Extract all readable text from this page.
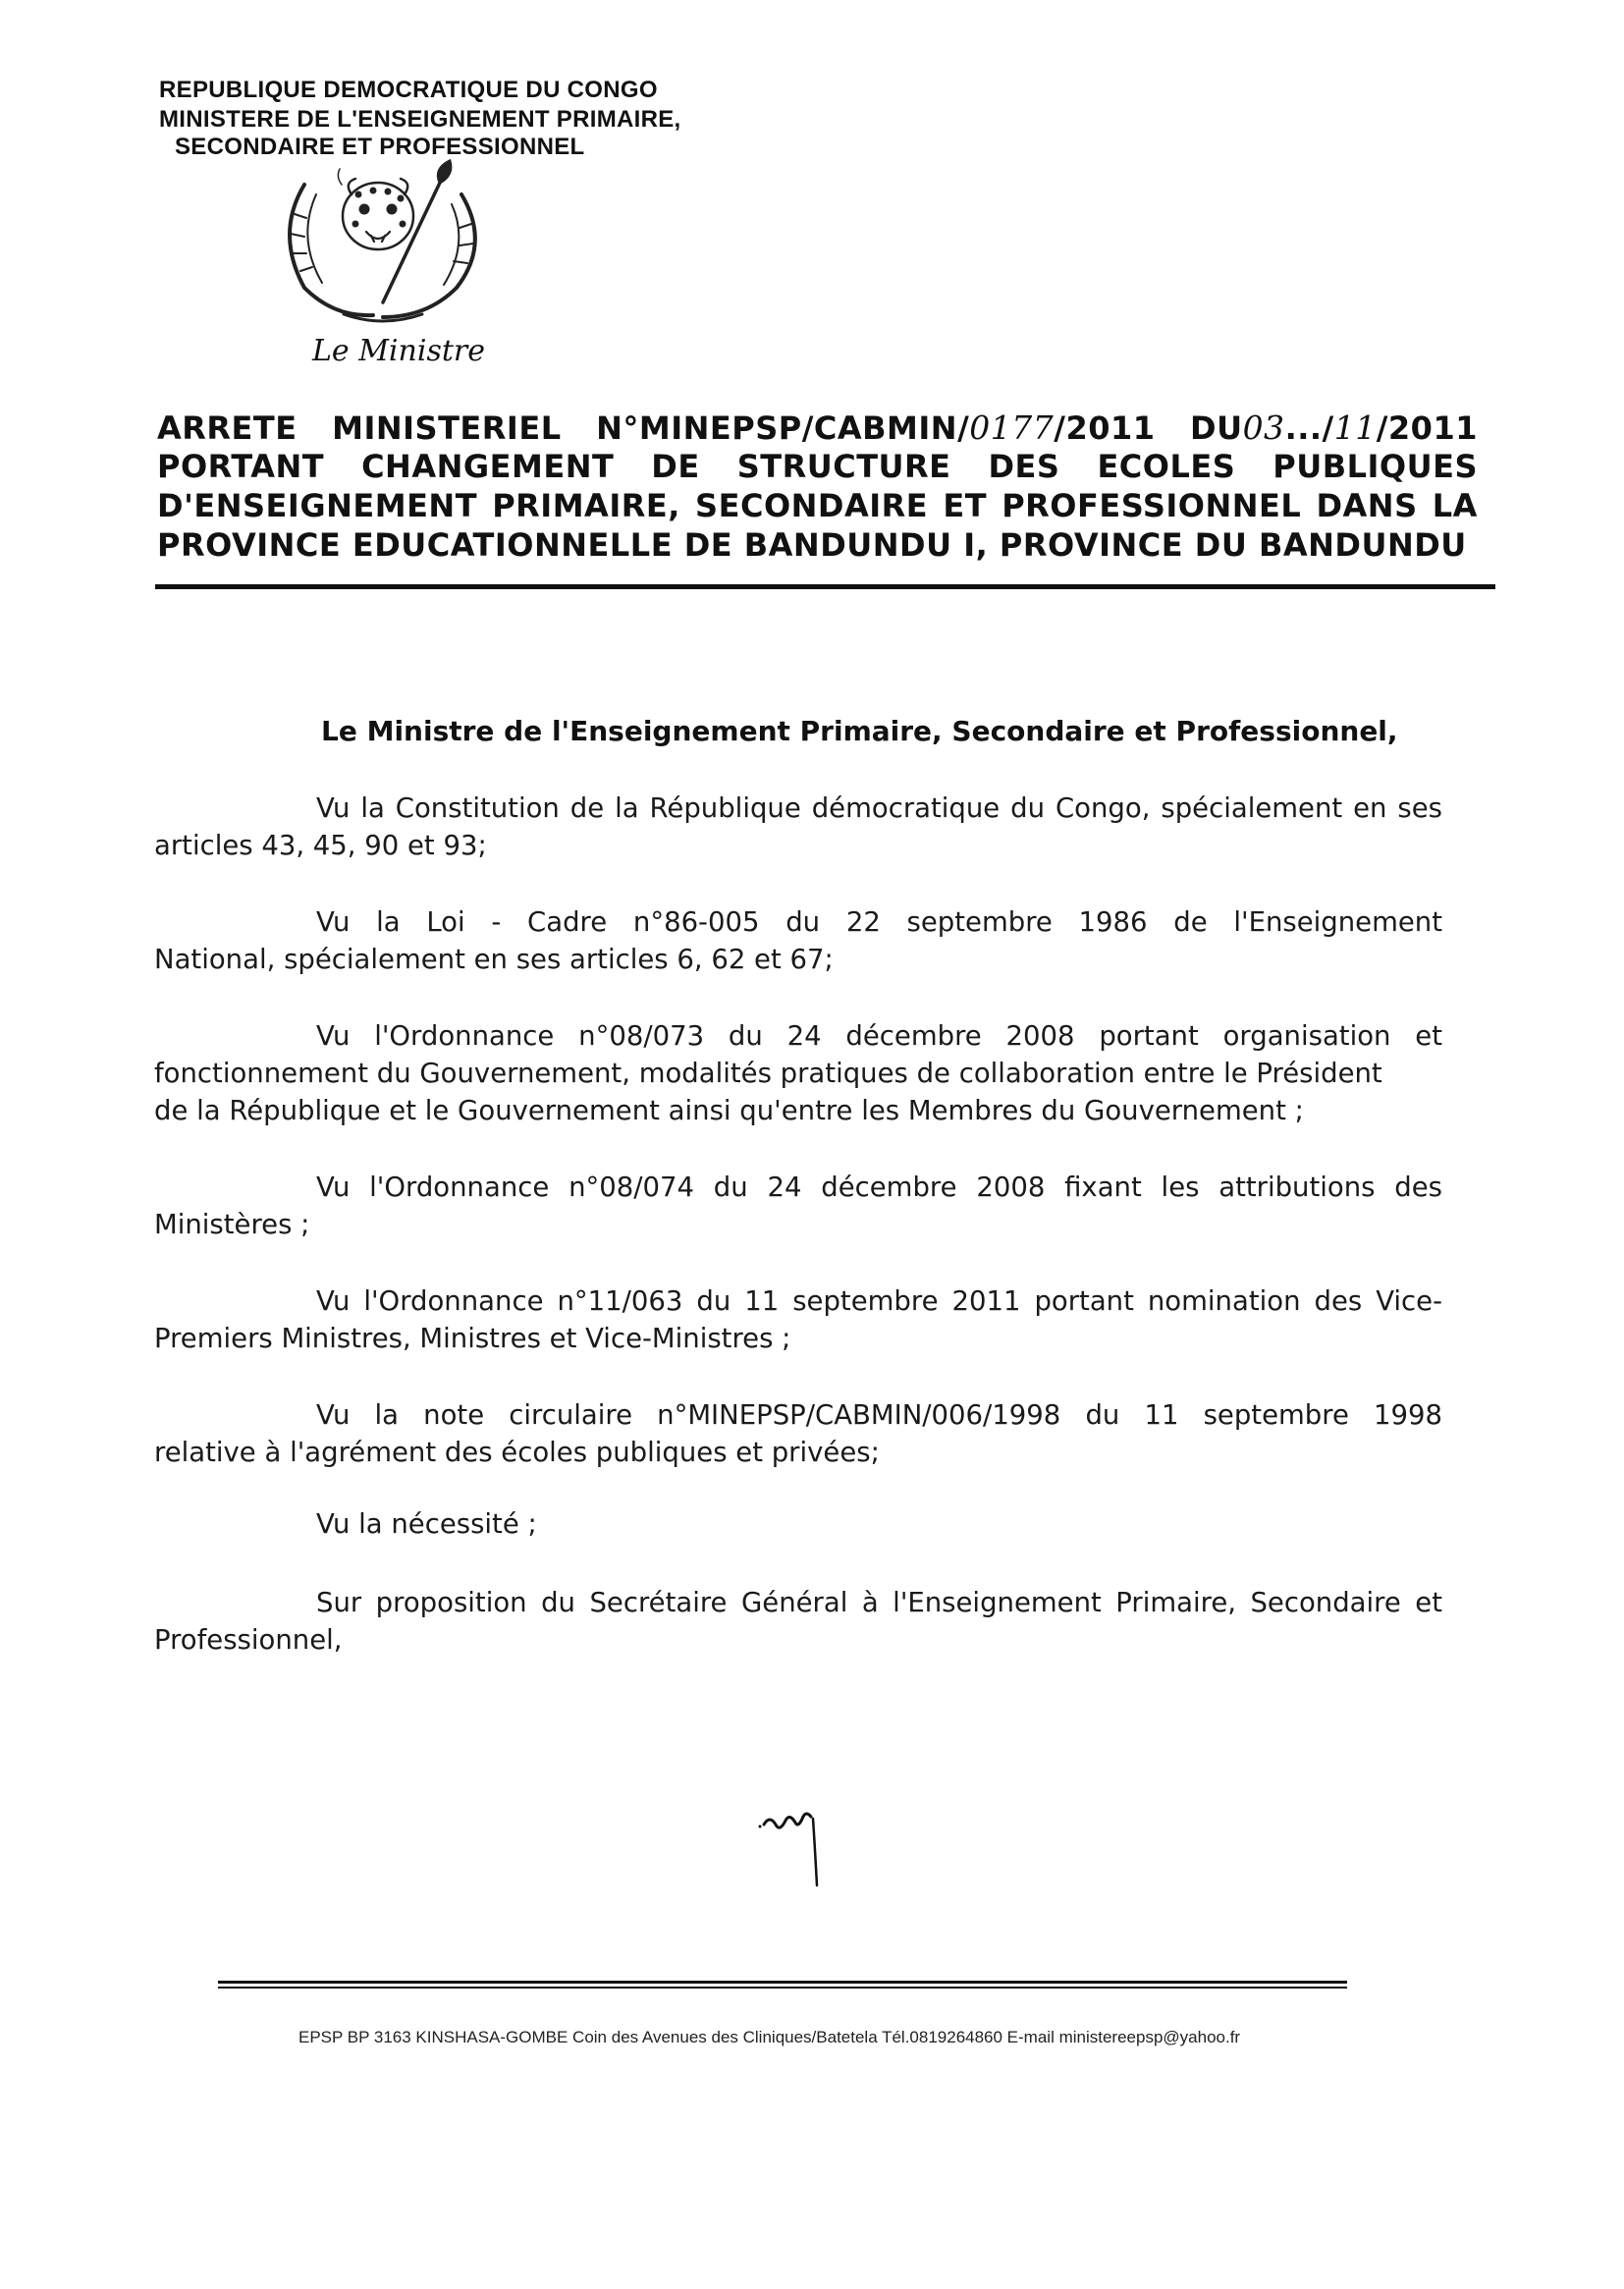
REPUBLIQUE DEMOCRATIQUE DU CONGO
MINISTERE DE L'ENSEIGNEMENT PRIMAIRE,
SECONDAIRE ET PROFESSIONNEL
Le Ministre
ARRETE MINISTERIEL N°MINEPSP/CABMIN/0177/2011 DU03.../11/2011
PORTANT CHANGEMENT DE STRUCTURE DES ECOLES PUBLIQUES
D'ENSEIGNEMENT PRIMAIRE, SECONDAIRE ET PROFESSIONNEL DANS LA
PROVINCE EDUCATIONNELLE DE BANDUNDU I, PROVINCE DU BANDUNDU
Le Ministre de l'Enseignement Primaire, Secondaire et Professionnel,
Vu la Constitution de la République démocratique du Congo, spécialement en ses
articles 43, 45, 90 et 93;
Vu la Loi - Cadre n°86-005 du 22 septembre 1986 de l'Enseignement
National, spécialement en ses articles 6, 62 et 67;
Vu l'Ordonnance n°08/073 du 24 décembre 2008 portant organisation et
fonctionnement du Gouvernement, modalités pratiques de collaboration entre le Président
de la République et le Gouvernement ainsi qu'entre les Membres du Gouvernement ;
Vu l'Ordonnance n°08/074 du 24 décembre 2008 fixant les attributions des
Ministères ;
Vu l'Ordonnance n°11/063 du 11 septembre 2011 portant nomination des Vice-
Premiers Ministres, Ministres et Vice-Ministres ;
Vu la note circulaire n°MINEPSP/CABMIN/006/1998 du 11 septembre 1998
relative à l'agrément des écoles publiques et privées;
Vu la nécessité ;
Sur proposition du Secrétaire Général à l'Enseignement Primaire, Secondaire et
Professionnel,
EPSP BP 3163 KINSHASA-GOMBE Coin des Avenues des Cliniques/Batetela Tél.0819264860 E-mail ministereepsp@yahoo.fr
